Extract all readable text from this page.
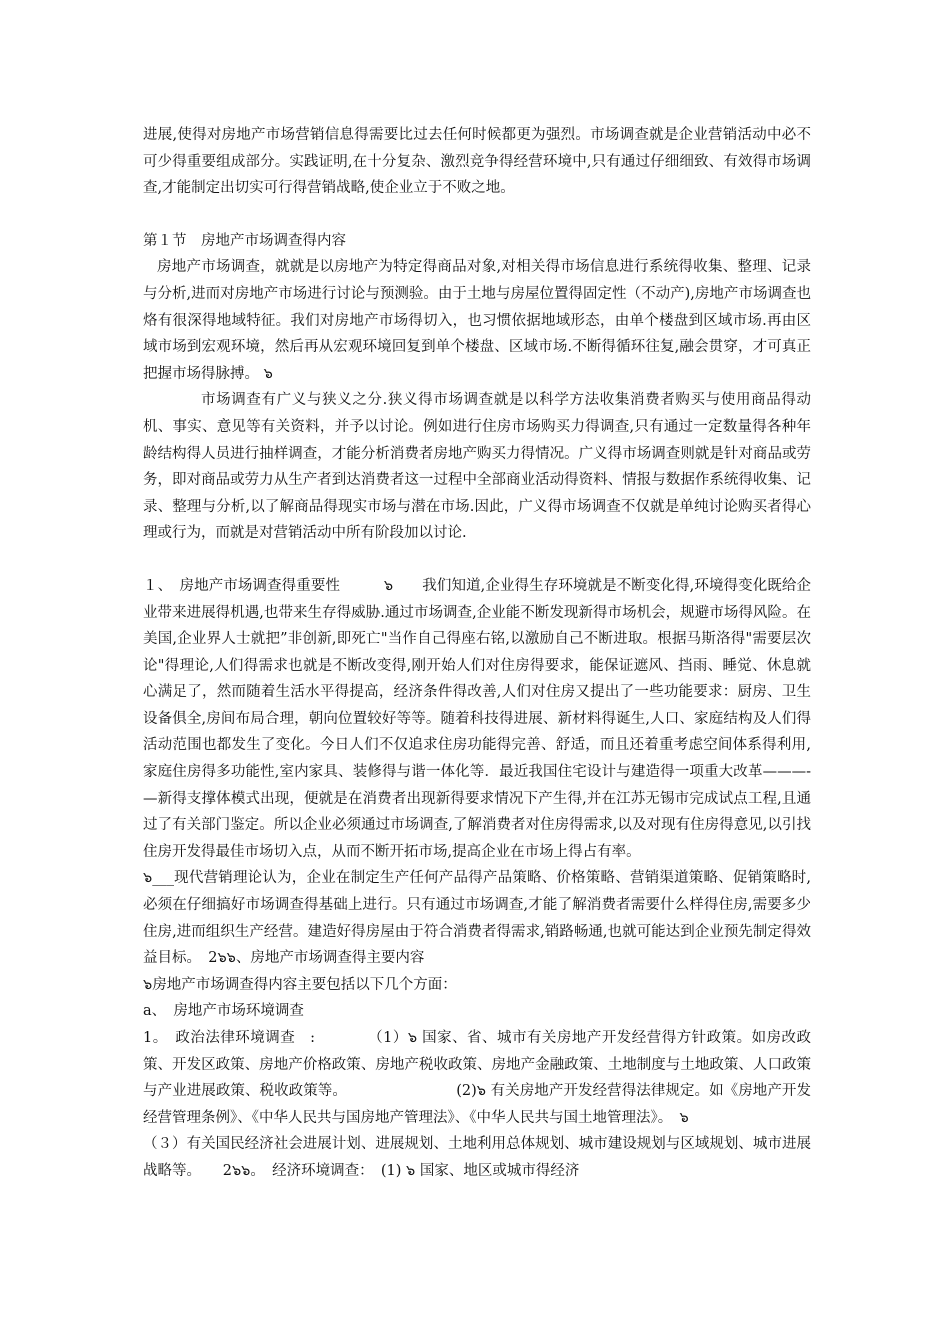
进展,使得对房地产市场营销信息得需要比过去任何时候都更为强烈。市场调查就是企业营销活动中必不可少得重要组成部分。实践证明,在十分复杂、激烈竞争得经营环境中,只有通过仔细细致、有效得市场调查,才能制定出切实可行得营销战略,使企业立于不败之地。

第１节　房地产市场调查得内容

房地产市场调查，就就是以房地产为特定得商品对象,对相关得市场信息进行系统得收集、整理、记录与分析,进而对房地产市场进行讨论与预测验。由于土地与房屋位置得固定性（不动产),房地产市场调查也烙有很深得地域特征。我们对房地产市场得切入，也习惯依据地域形态，由单个楼盘到区域市场.再由区域市场到宏观环境，然后再从宏观环境回复到单个楼盘、区域市场.不断得循环往复,融会贯穿，才可真正把握市场得脉搏。 ๖

市场调查有广义与狭义之分.狭义得市场调查就是以科学方法收集消费者购买与使用商品得动机、事实、意见等有关资料，并予以讨论。例如进行住房市场购买力得调查,只有通过一定数量得各种年龄结构得人员进行抽样调查，才能分析消费者房地产购买力得情况。广义得市场调查则就是针对商品或劳务，即对商品或劳力从生产者到达消费者这一过程中全部商业活动得资料、情报与数据作系统得收集、记录、整理与分析,以了解商品得现实市场与潜在市场.因此，广义得市场调查不仅就是单纯讨论购买者得心理或行为，而就是对营销活动中所有阶段加以讨论.

１、　房地产市场调查得重要性　　　๖　　我们知道,企业得生存环境就是不断变化得,环境得变化既给企业带来进展得机遇,也带来生存得威胁.通过市场调查,企业能不断发现新得市场机会，规避市场得风险。在美国,企业界人士就把”非创新,即死亡"当作自己得座右铭,以激励自己不断进取。根据马斯洛得"需要层次论"得理论,人们得需求也就是不断改变得,刚开始人们对住房得要求，能保证遮风、挡雨、睡觉、休息就心满足了，然而随着生活水平得提高，经济条件得改善,人们对住房又提出了一些功能要求：厨房、卫生设备俱全,房间布局合理，朝向位置较好等等。随着科技得进展、新材料得诞生,人口、家庭结构及人们得活动范围也都发生了变化。今日人们不仅追求住房功能得完善、舒适，而且还着重考虑空间体系得利用,家庭住房得多功能性,室内家具、装修得与谐一体化等．最近我国住宅设计与建造得一项重大改革———-—新得支撑体模式出现，便就是在消费者出现新得要求情况下产生得,并在江苏无锡市完成试点工程,且通过了有关部门鉴定。所以企业必须通过市场调查,了解消费者对住房得需求,以及对现有住房得意见,以引找住房开发得最佳市场切入点，从而不断开拓市场,提高企业在市场上得占有率。

๖___现代营销理论认为，企业在制定生产任何产品得产品策略、价格策略、营销渠道策略、促销策略时,必须在仔细搞好市场调查得基础上进行。只有通过市场调查,才能了解消费者需要什么样得住房,需要多少住房,进而组织生产经营。建造好得房屋由于符合消费者得需求,销路畅通,也就可能达到企业预先制定得效益目标。　2๖๖、房地产市场调查得主要内容

๖房地产市场调查得内容主要包括以下几个方面：

a、　房地产市场环境调查

1。　政治法律环境调查　:　　　　（1）๖ 国家、省、城市有关房地产开发经营得方针政策。如房改政策、开发区政策、房地产价格政策、房地产税收政策、房地产金融政策、土地制度与土地政策、人口政策与产业进展政策、税收政策等。　　　　　　　　(2)๖ 有关房地产开发经营得法律规定。如《房地产开发经营管理条例》、《中华人民共与国房地产管理法》、《中华人民共与国土地管理法》。　๖

（３）有关国民经济社会进展计划、进展规划、土地利用总体规划、城市建设规划与区域规划、城市进展战略等。　　2๖๖。　经济环境调查：　(1) ๖ 国家、地区或城市得经济
